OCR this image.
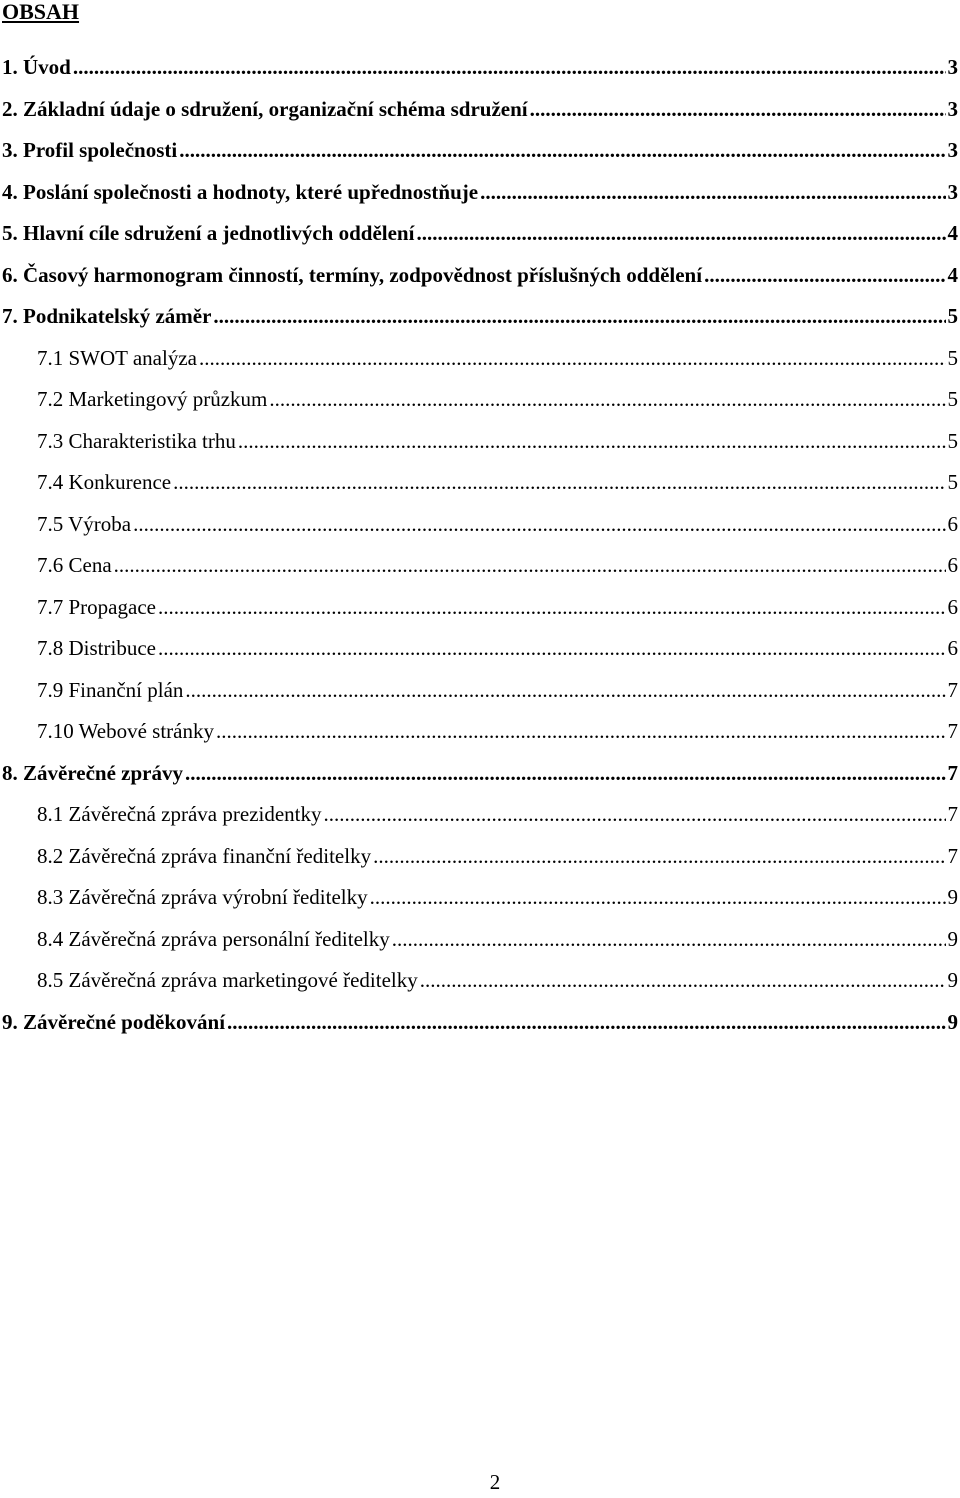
OBSAH
1. Úvod .....	3
2. Základní údaje o sdružení, organizační schéma sdružení .....	3
3. Profil společnosti .....	3
4. Poslání společnosti a hodnoty, které upřednostňuje .....	3
5. Hlavní cíle sdružení a jednotlivých oddělení .....	4
6. Časový harmonogram činností, termíny, zodpovědnost příslušných oddělení .....	4
7. Podnikatelský záměr .....	5
7.1 SWOT analýza .....	5
7.2 Marketingový průzkum .....	5
7.3 Charakteristika trhu .....	5
7.4 Konkurence .....	5
7.5 Výroba .....	6
7.6 Cena .....	6
7.7 Propagace .....	6
7.8 Distribuce .....	6
7.9 Finanční plán .....	7
7.10 Webové stránky .....	7
8. Závěrečné zprávy .....	7
8.1 Závěrečná zpráva prezidentky .....	7
8.2 Závěrečná zpráva finanční ředitelky .....	7
8.3 Závěrečná zpráva výrobní ředitelky .....	9
8.4 Závěrečná zpráva personální ředitelky .....	9
8.5 Závěrečná zpráva marketingové ředitelky .....	9
9. Závěrečné poděkování .....	9
2
